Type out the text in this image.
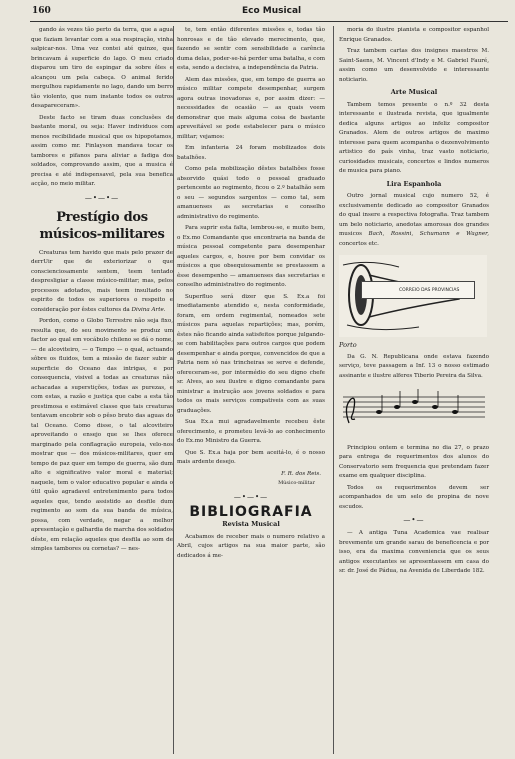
160	Eco Musical

gando ás vezes tão perto da terra, que a agua que faziam levantar com a sua respiração, vinha salpicar-nos. Uma vez contei até quinze, que brincavam á superficie do lago. O meu criado disparou um tiro de espingar da sobre êles e alcançou um pela cabeça. O animal ferido mergulhou rapidamente no lago, dando um berro tão violento, que num instante todos os outros desapareceram».

Deste facto se tiram duas conclusões de bastante moral, ou seja: Haver individuos com menos recibilidade musical que os hipopotamos, assim como mr. Finlayson mandava tocar os tambores e pifanos para aliviar a fadiga dos soldados, comprovando assim, que a musica é precisa e até indispensavel, pela sua benefica acção, no meio militar.

—•—•—
Prestígio dos músicos-militares

Creaturas tem havido que mais pelo prazer de derrUir que de exteriorizar o que conscienciosamente sentem, teem tentado despresligiar a classe músico-militar; mas, pelos processos adotados, mais teem insultado no espirito de todos os superiores o respeito e consideração por êstes cultores da Divina Arte.

Pordon, como o Globo Terrestre não seja fixo, resulta que, do seu movimento se produz um factor ao qual em vocábulo chileno se dá o nome, — de alcoviteiro, — o Tempo — o qual, actuando sôbre os fluidos, tem a missão de fazer subir a superficie do Oceano das intrigas, e por consequencia, visivel a todas as creaturas não achacadas a superstições, todas as purezas, e com estas, a razão e justiça que cabe a esta tão prestimosa e estimável classe que tais creaturas tentavam encobrir sob o pêso bruto das aguas do tal Oceano. Como disse, o tal alcoviteiro aproveitando o ensejo que se lhes oferece marginado pela conflagração europeia, velo-nos mostrar que — dos músicos-militares, quer em tempo de paz quer em tempo de guerra, são dum alto e significativo valor moral e material; naquele, tem o valor educativo popular e ainda o útil quão agradavel entretenimento para todos aqueles que, tendo assistido ao desfile dum regimento ao som da sua banda de música, possa, com verdade, negar a melhor apresentação e galhardia de marcha dos soldados dêste, em relação aqueles que desfila ao som de simples tambores ou cornetas? — nes-

te, tem então diferentes missões e, todas tão honrosas e de tão elevado merecimento, que, fazendo se sentir com sensibilidade a carência duma delas, poder-se-há perder uma batalha, e com esta, sendo a decisiva, a independência da Patria.

Alem das missões, que, em tempo de guerra ao músico militar compete desempenhar, surgem agora outras inovadoras e, por assim dizer: — necessidades de ocasião — as quais veem demonstrar que mais alguma coisa de bastante apreveitável se pode estabelecer para o músico militar; vejamos:

Em infanteria 24 foram mobilizados dois batalhões.

Como pela mobilização dêstes batalhões fosse absorvido quási todo o pessoal graduado pertencente ao regimento, ficou o 2.º batalhão sem o seu — segundos sargentos — como tal, sem amanuenses as secretarias e conselho administrativo do regimento.

Para suprir esta falta, lembrou-se, e muito bem, o Ex.mo Comandante que encontraria na banda de música pessoal competente para desempenhar aqueles cargos, e, houve por bem convidar os músicos a que obsequiosamente se prestassem a êsse desempenho — amanuenses das secretarias e conselho administrativo do regimento.

Superfluo será dizer que S. Ex.a foi imediatamente atendido e, nesta conformidade, foram, em ordem regimental, nomeados sete músicos para aquelas repartições; mas, porém, êstes não ficando ainda satisfeitos porque julgando-se com habilitações para outros cargos que podem desempenhar e ainda porque, convencidos de que a Patria nem só nas trincheiras se serve e defende, ofereceram-se, por intermédio do seu digno chefe sr. Alves, ao seu ilustre e digno comandante para ministrar a instrução aos jovens soldados e para todos os mais serviços compativeis com as suas graduações.

Sua Ex.a mui agradavelmente recebeu êste oferecimento, e prometeu levá-lo ao conhecimento do Ex.mo Ministro da Guerra.

Que S. Ex.a haja por bem aceitá-lo, é o nosso mais ardente desejo.

F. R. dos Reis.
Músico-militar
—•—•—
BIBLIOGRAFIA
Revista Musical

Acabamos de receber mais o numero relativo a Abril, cujos artigos na sua maior parte, são dedicados á me-

moria do ilustre pianista e compositor espanhol Enrique Granados.

Traz tambem cartas dos insignes maestros M. Saint-Saens, M. Vincent d'Indy e M. Gabriel Fauré, assim como um desenvolvido e interessante noticiario.

Arte Musical

Tambem temos presente o n.º 32 desta interessante e ilustrada revista, que igualmente dedica alguns artigos ao infeliz compositor Granados. Alem de outros artigos de maximo interesse para quem acompanha o dezenvolvimento artistico do país vinha, traz vasto noticiario, curiosidades musicais, concertos e lindos numeros de musica para piano.

Lira Espanhola

Outro jornal musical cujo numero 52, é exclusivamente dedicado ao compositor Granados do qual insere a respectiva fotografia. Traz tambem um belo noticiario, anedotas amorosas dos grandes musicos Bach, Rossini, Schumann e Wagner, concertos etc.

CORREIO DAS PROVINCIAS
Porto

Da G. N. Republicana onde estava fazendo serviço, teve passagem a Inf. 13 o nosso estimado assinante e ilustre alferes Tiberio Pereira da Silva.

Principiou ontem e termina no dia 27, o prazo para entrega de requerimentos dos alunos do Conservatorio sem frequencia que pretendam fazer exame em qualquer disciplina.

Todos os requerimentos devem ser acompanhados de um selo de propina de nove escudos.

—•—

— A antiga Tuna Academica vae realisar brevemente um grande sarau de beneficencia e por isso, era da maxima conveniencia que os seus antigos executantes se apresentassem em casa do sr. dr. José de Pádua, na Avenida de Liberdade 182.
